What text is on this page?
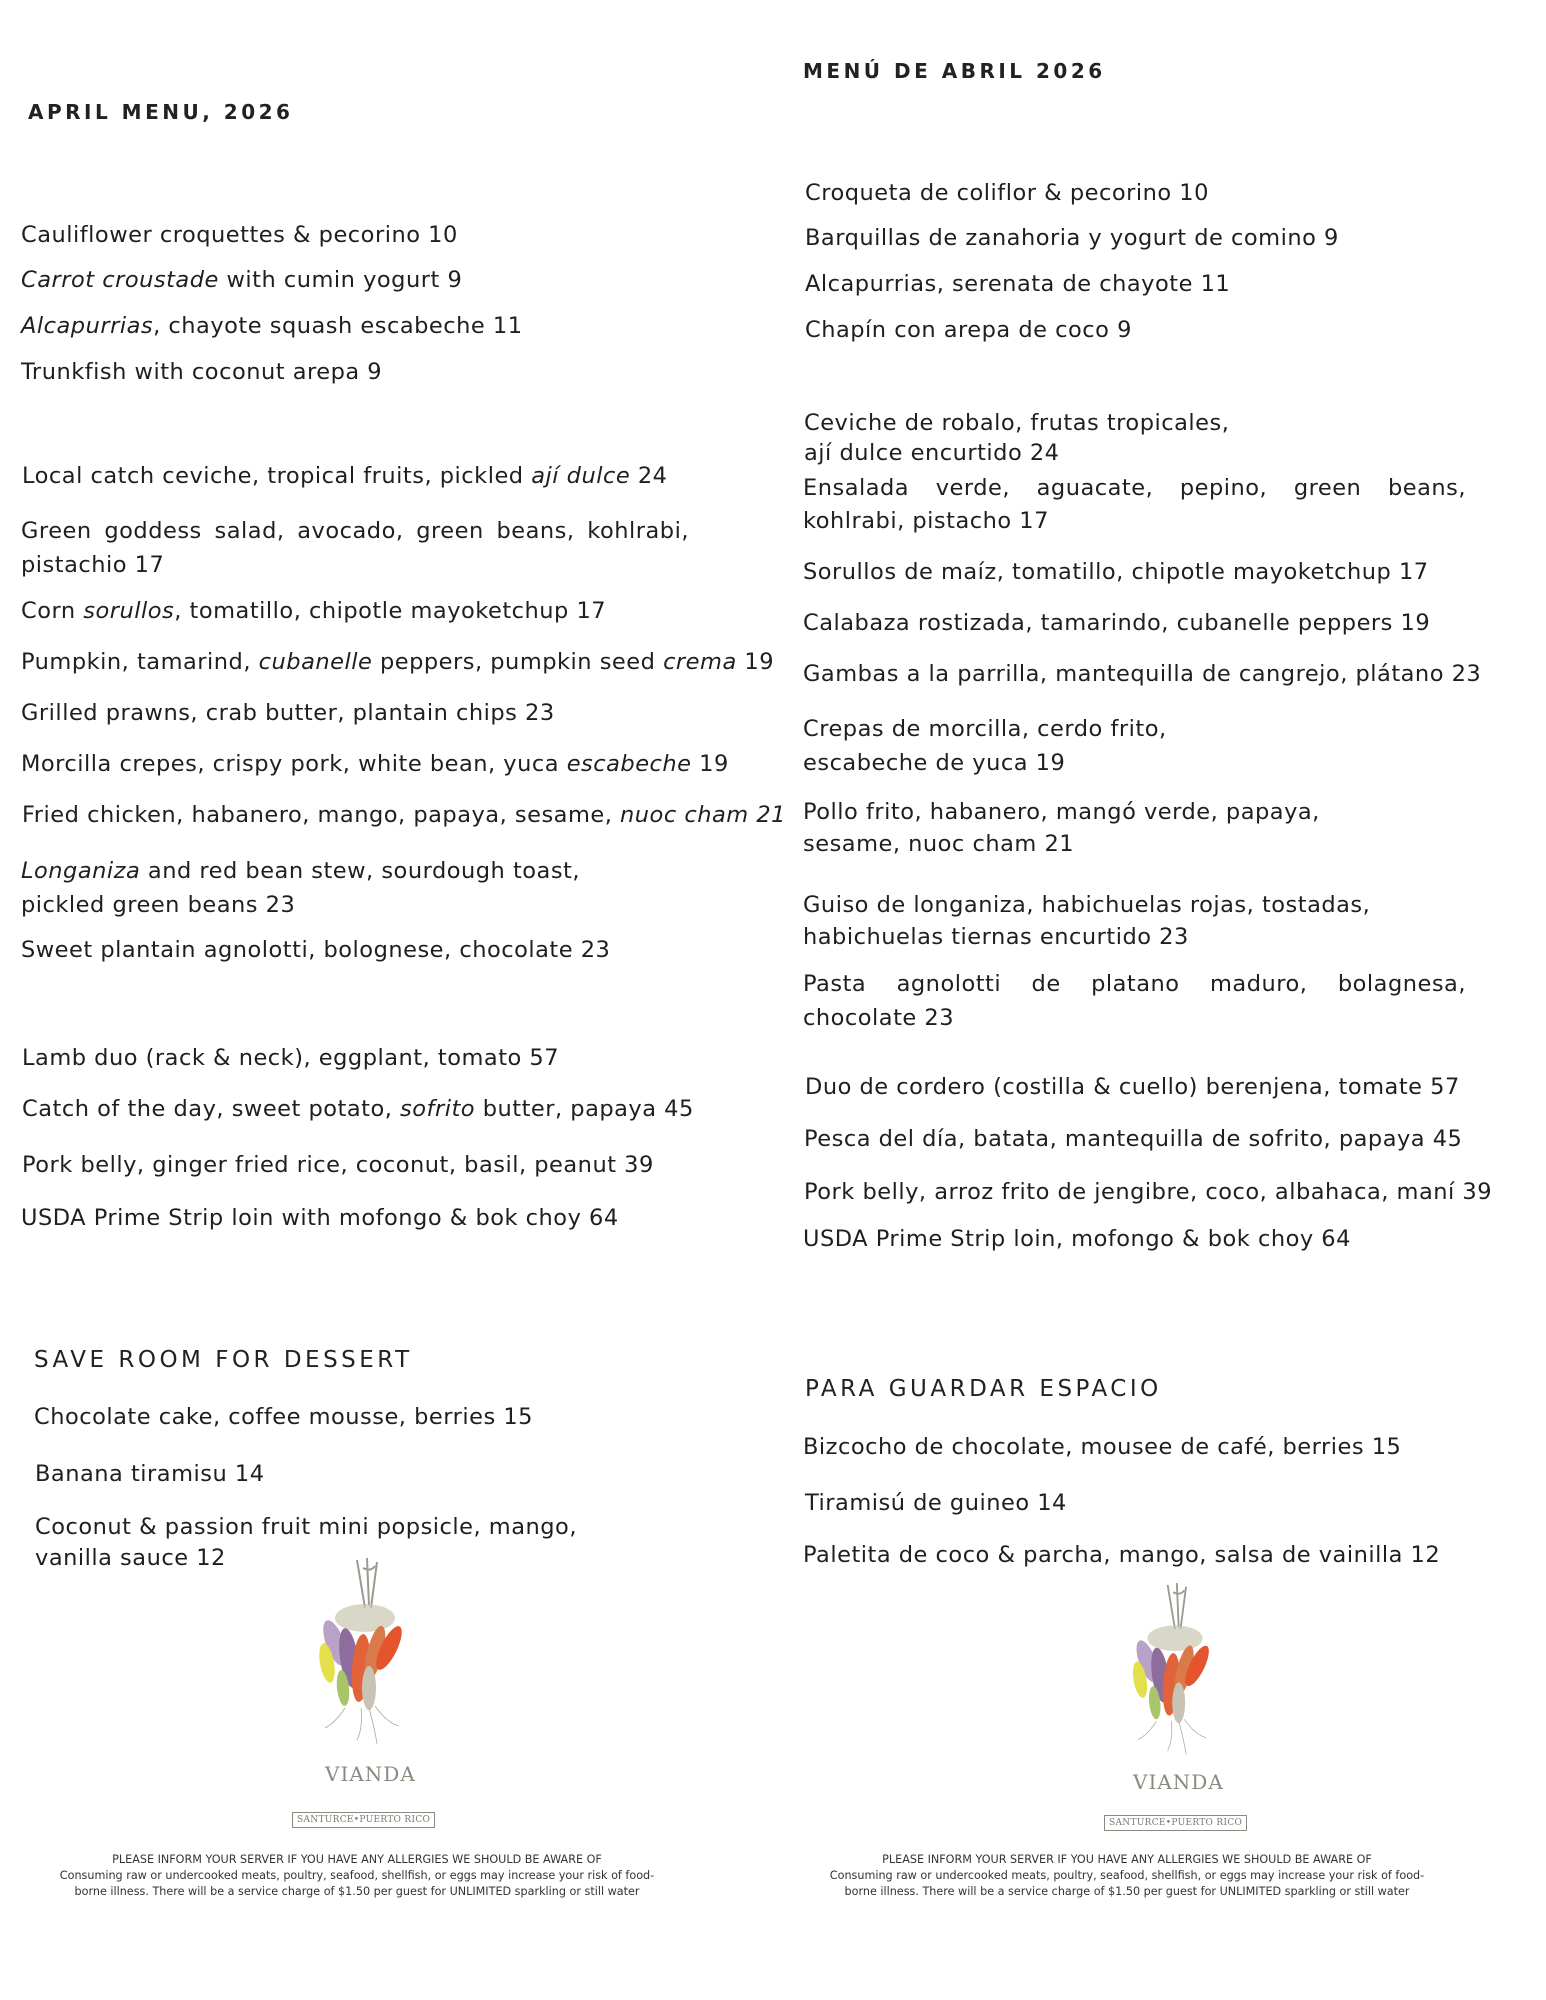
APRIL MENU, 2026
Cauliflower croquettes & pecorino 10
Carrot croustade with cumin yogurt 9
Alcapurrias, chayote squash escabeche 11
Trunkfish with coconut arepa 9
Local catch ceviche, tropical fruits, pickled ají dulce 24
Green goddess salad, avocado, green beans, kohlrabi, pistachio 17
Corn sorullos, tomatillo, chipotle mayoketchup 17
Pumpkin, tamarind, cubanelle peppers, pumpkin seed crema 19
Grilled prawns, crab butter, plantain chips 23
Morcilla crepes, crispy pork, white bean, yuca escabeche 19
Fried chicken, habanero, mango, papaya, sesame, nuoc cham 21
Longaniza and red bean stew, sourdough toast,
pickled green beans 23
Sweet plantain agnolotti, bolognese, chocolate 23
Lamb duo (rack & neck), eggplant, tomato 57
Catch of the day, sweet potato, sofrito butter, papaya 45
Pork belly, ginger fried rice, coconut, basil, peanut 39
USDA Prime Strip loin with mofongo & bok choy 64
SAVE ROOM FOR DESSERT
Chocolate cake, coffee mousse, berries 15
Banana tiramisu 14
Coconut & passion fruit mini popsicle, mango,
vanilla sauce 12
VIANDA
SANTURCE•PUERTO RICO
PLEASE INFORM YOUR SERVER IF YOU HAVE ANY ALLERGIES WE SHOULD BE AWARE OF
Consuming raw or undercooked meats, poultry, seafood, shellfish, or eggs may increase your risk of food-
borne illness. There will be a service charge of $1.50 per guest for UNLIMITED sparkling or still water
MENÚ DE ABRIL 2026
Croqueta de coliflor & pecorino 10
Barquillas de zanahoria y yogurt de comino 9
Alcapurrias, serenata de chayote 11
Chapín con arepa de coco 9
Ceviche de robalo, frutas tropicales,
ají dulce encurtido 24
Ensalada verde, aguacate, pepino, green beans, kohlrabi, pistacho 17
Sorullos de maíz, tomatillo, chipotle mayoketchup 17
Calabaza rostizada, tamarindo, cubanelle peppers 19
Gambas a la parrilla, mantequilla de cangrejo, plátano 23
Crepas de morcilla, cerdo frito,
escabeche de yuca 19
Pollo frito, habanero, mangó verde, papaya,
sesame, nuoc cham 21
Guiso de longaniza, habichuelas rojas, tostadas,
habichuelas tiernas encurtido 23
Pasta agnolotti de platano maduro, bolagnesa, chocolate 23
Duo de cordero (costilla & cuello) berenjena, tomate 57
Pesca del día, batata, mantequilla de sofrito, papaya 45
Pork belly, arroz frito de jengibre, coco, albahaca, maní 39
USDA Prime Strip loin, mofongo & bok choy 64
PARA GUARDAR ESPACIO
Bizcocho de chocolate, mousee de café, berries 15
Tiramisú de guineo 14
Paletita de coco & parcha, mango, salsa de vainilla 12
VIANDA
SANTURCE•PUERTO RICO
PLEASE INFORM YOUR SERVER IF YOU HAVE ANY ALLERGIES WE SHOULD BE AWARE OF
Consuming raw or undercooked meats, poultry, seafood, shellfish, or eggs may increase your risk of food-
borne illness. There will be a service charge of $1.50 per guest for UNLIMITED sparkling or still water
